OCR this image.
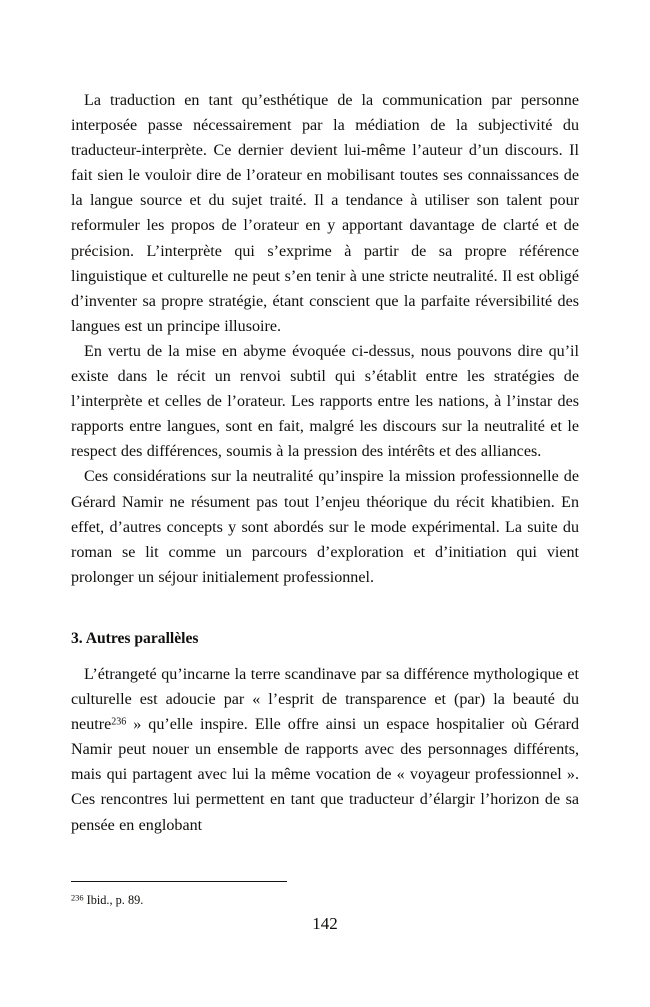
La traduction en tant qu’esthétique de la communication par personne interposée passe nécessairement par la médiation de la subjectivité du traducteur-interprète. Ce dernier devient lui-même l’auteur d’un discours. Il fait sien le vouloir dire de l’orateur en mobilisant toutes ses connaissances de la langue source et du sujet traité. Il a tendance à utiliser son talent pour reformuler les propos de l’orateur en y apportant davantage de clarté et de précision. L’interprète qui s’exprime à partir de sa propre référence linguistique et culturelle ne peut s’en tenir à une stricte neutralité. Il est obligé d’inventer sa propre stratégie, étant conscient que la parfaite réversibilité des langues est un principe illusoire.

En vertu de la mise en abyme évoquée ci-dessus, nous pouvons dire qu’il existe dans le récit un renvoi subtil qui s’établit entre les stratégies de l’interprète et celles de l’orateur. Les rapports entre les nations, à l’instar des rapports entre langues, sont en fait, malgré les discours sur la neutralité et le respect des différences, soumis à la pression des intérêts et des alliances.

Ces considérations sur la neutralité qu’inspire la mission professionnelle de Gérard Namir ne résument pas tout l’enjeu théorique du récit khatibien. En effet, d’autres concepts y sont abordés sur le mode expérimental. La suite du roman se lit comme un parcours d’exploration et d’initiation qui vient prolonger un séjour initialement professionnel.

3. Autres parallèles

L’étrangeté qu’incarne la terre scandinave par sa différence mythologique et culturelle est adoucie par « l’esprit de transparence et (par) la beauté du neutre$^{236}$ » qu’elle inspire. Elle offre ainsi un espace hospitalier où Gérard Namir peut nouer un ensemble de rapports avec des personnages différents, mais qui partagent avec lui la même vocation de « voyageur professionnel ». Ces rencontres lui permettent en tant que traducteur d’élargir l’horizon de sa pensée en englobant

$^{236}$ Ibid., p. 89.

142
